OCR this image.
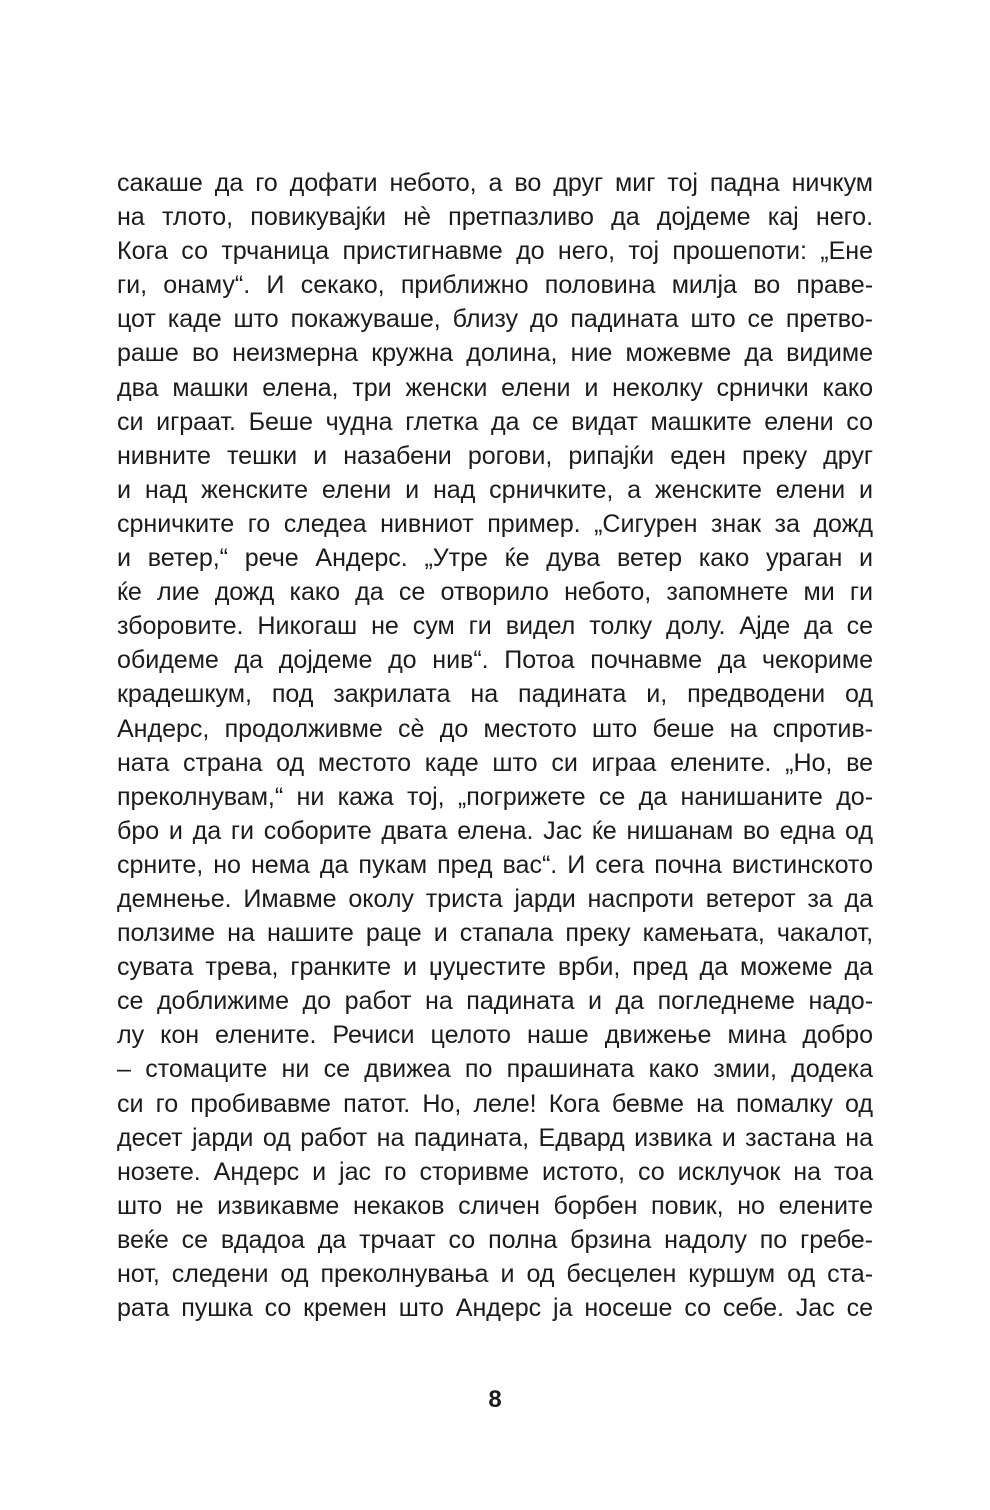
сакаше да го дофати небото, а во друг миг тој падна ничкум
на тлото, повикувајќи нè претпазливо да дојдеме кај него.
Кога со трчаница пристигнавме до него, тој прошепоти: „Ене
ги, онаму“. И секако, приближно половина милја во праве-
цот каде што покажуваше, близу до падината што се претво-
раше во неизмерна кружна долина, ние можевме да видиме
два машки елена, три женски елени и неколку срнички како
си играат. Беше чудна глетка да се видат машките елени со
нивните тешки и назабени рогови, рипајќи еден преку друг
и над женските елени и над срничките, а женските елени и
срничките го следеа нивниот пример. „Сигурен знак за дожд
и ветер,“ рече Андерс. „Утре ќе дува ветер како ураган и
ќе лие дожд како да се отворило небото, запомнете ми ги
зборовите. Никогаш не сум ги видел толку долу. Ајде да се
обидеме да дојдеме до нив“. Потоа почнавме да чекориме
крадешкум, под закрилата на падината и, предводени од
Андерс, продолживме сè до местото што беше на спротив-
ната страна од местото каде што си играа елените. „Но, ве
преколнувам,“ ни кажа тој, „погрижете се да нанишаните до-
бро и да ги соборите двата елена. Јас ќе нишанам во една од
срните, но нема да пукам пред вас“. И сега почна вистинското
демнење. Имавме околу триста јарди наспроти ветерот за да
ползиме на нашите раце и стапала преку камењата, чакалот,
сувата трева, гранките и џуџестите врби, пред да можеме да
се доближиме до работ на падината и да погледнеме надо-
лу кон елените. Речиси целото наше движење мина добро
– стомаците ни се движеа по прашината како змии, додека
си го пробивавме патот. Но, леле! Кога бевме на помалку од
десет јарди од работ на падината, Едвард извика и застана на
нозете. Андерс и јас го сторивме истото, со исклучок на тоа
што не извикавме некаков сличен борбен повик, но елените
веќе се вдадоа да трчаат со полна брзина надолу по гребе-
нот, следени од преколнувања и од бесцелен куршум од ста-
рата пушка со кремен што Андерс ја носеше со себе. Јас се
8
